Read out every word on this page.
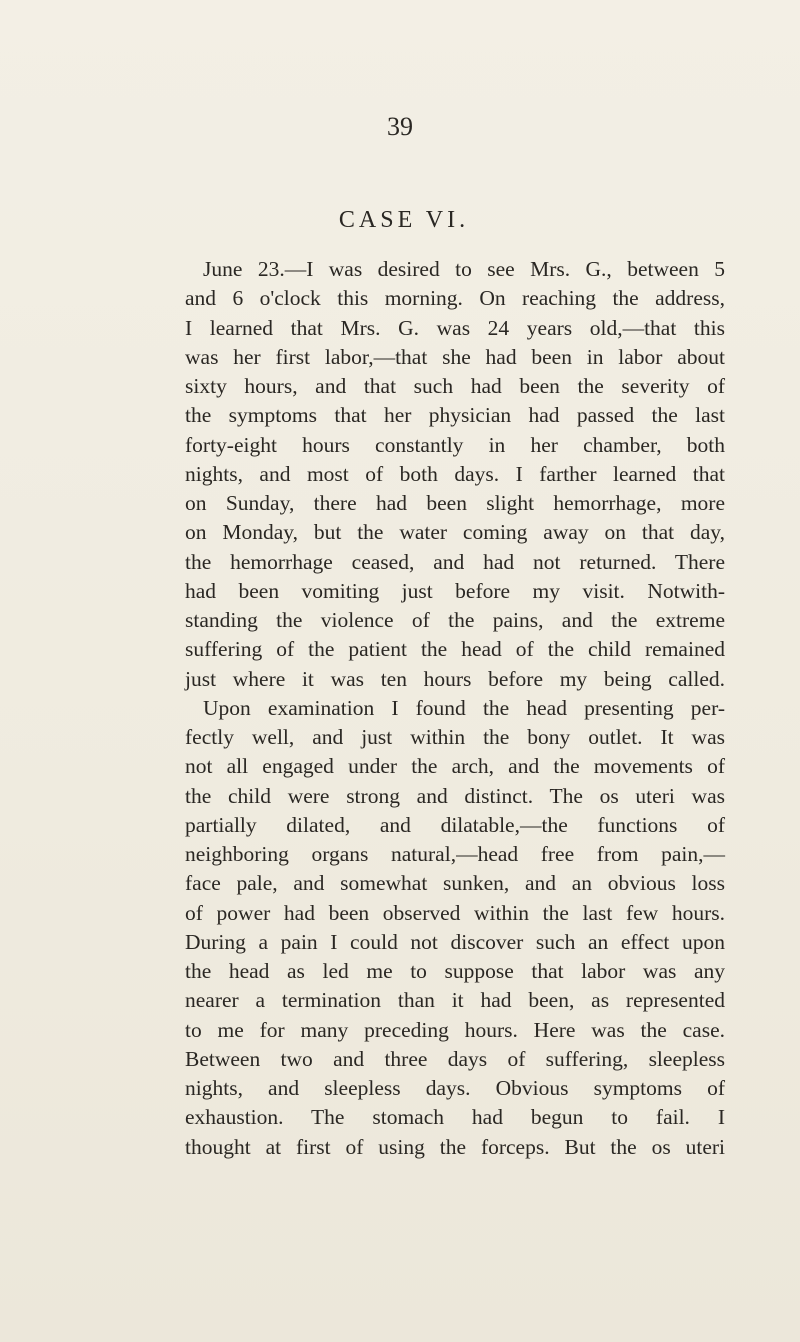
39
CASE VI.
June 23.—I was desired to see Mrs. G., between 5
and 6 o'clock this morning. On reaching the address,
I learned that Mrs. G. was 24 years old,—that this
was her first labor,—that she had been in labor about
sixty hours, and that such had been the severity of
the symptoms that her physician had passed the last
forty-eight hours constantly in her chamber, both
nights, and most of both days. I farther learned that
on Sunday, there had been slight hemorrhage, more
on Monday, but the water coming away on that day,
the hemorrhage ceased, and had not returned. There
had been vomiting just before my visit. Notwith-
standing the violence of the pains, and the extreme
suffering of the patient the head of the child remained
just where it was ten hours before my being called.
Upon examination I found the head presenting per-
fectly well, and just within the bony outlet. It was
not all engaged under the arch, and the movements of
the child were strong and distinct. The os uteri was
partially dilated, and dilatable,—the functions of
neighboring organs natural,—head free from pain,—
face pale, and somewhat sunken, and an obvious loss
of power had been observed within the last few hours.
During a pain I could not discover such an effect upon
the head as led me to suppose that labor was any
nearer a termination than it had been, as represented
to me for many preceding hours. Here was the case.
Between two and three days of suffering, sleepless
nights, and sleepless days. Obvious symptoms of
exhaustion. The stomach had begun to fail. I
thought at first of using the forceps. But the os uteri
